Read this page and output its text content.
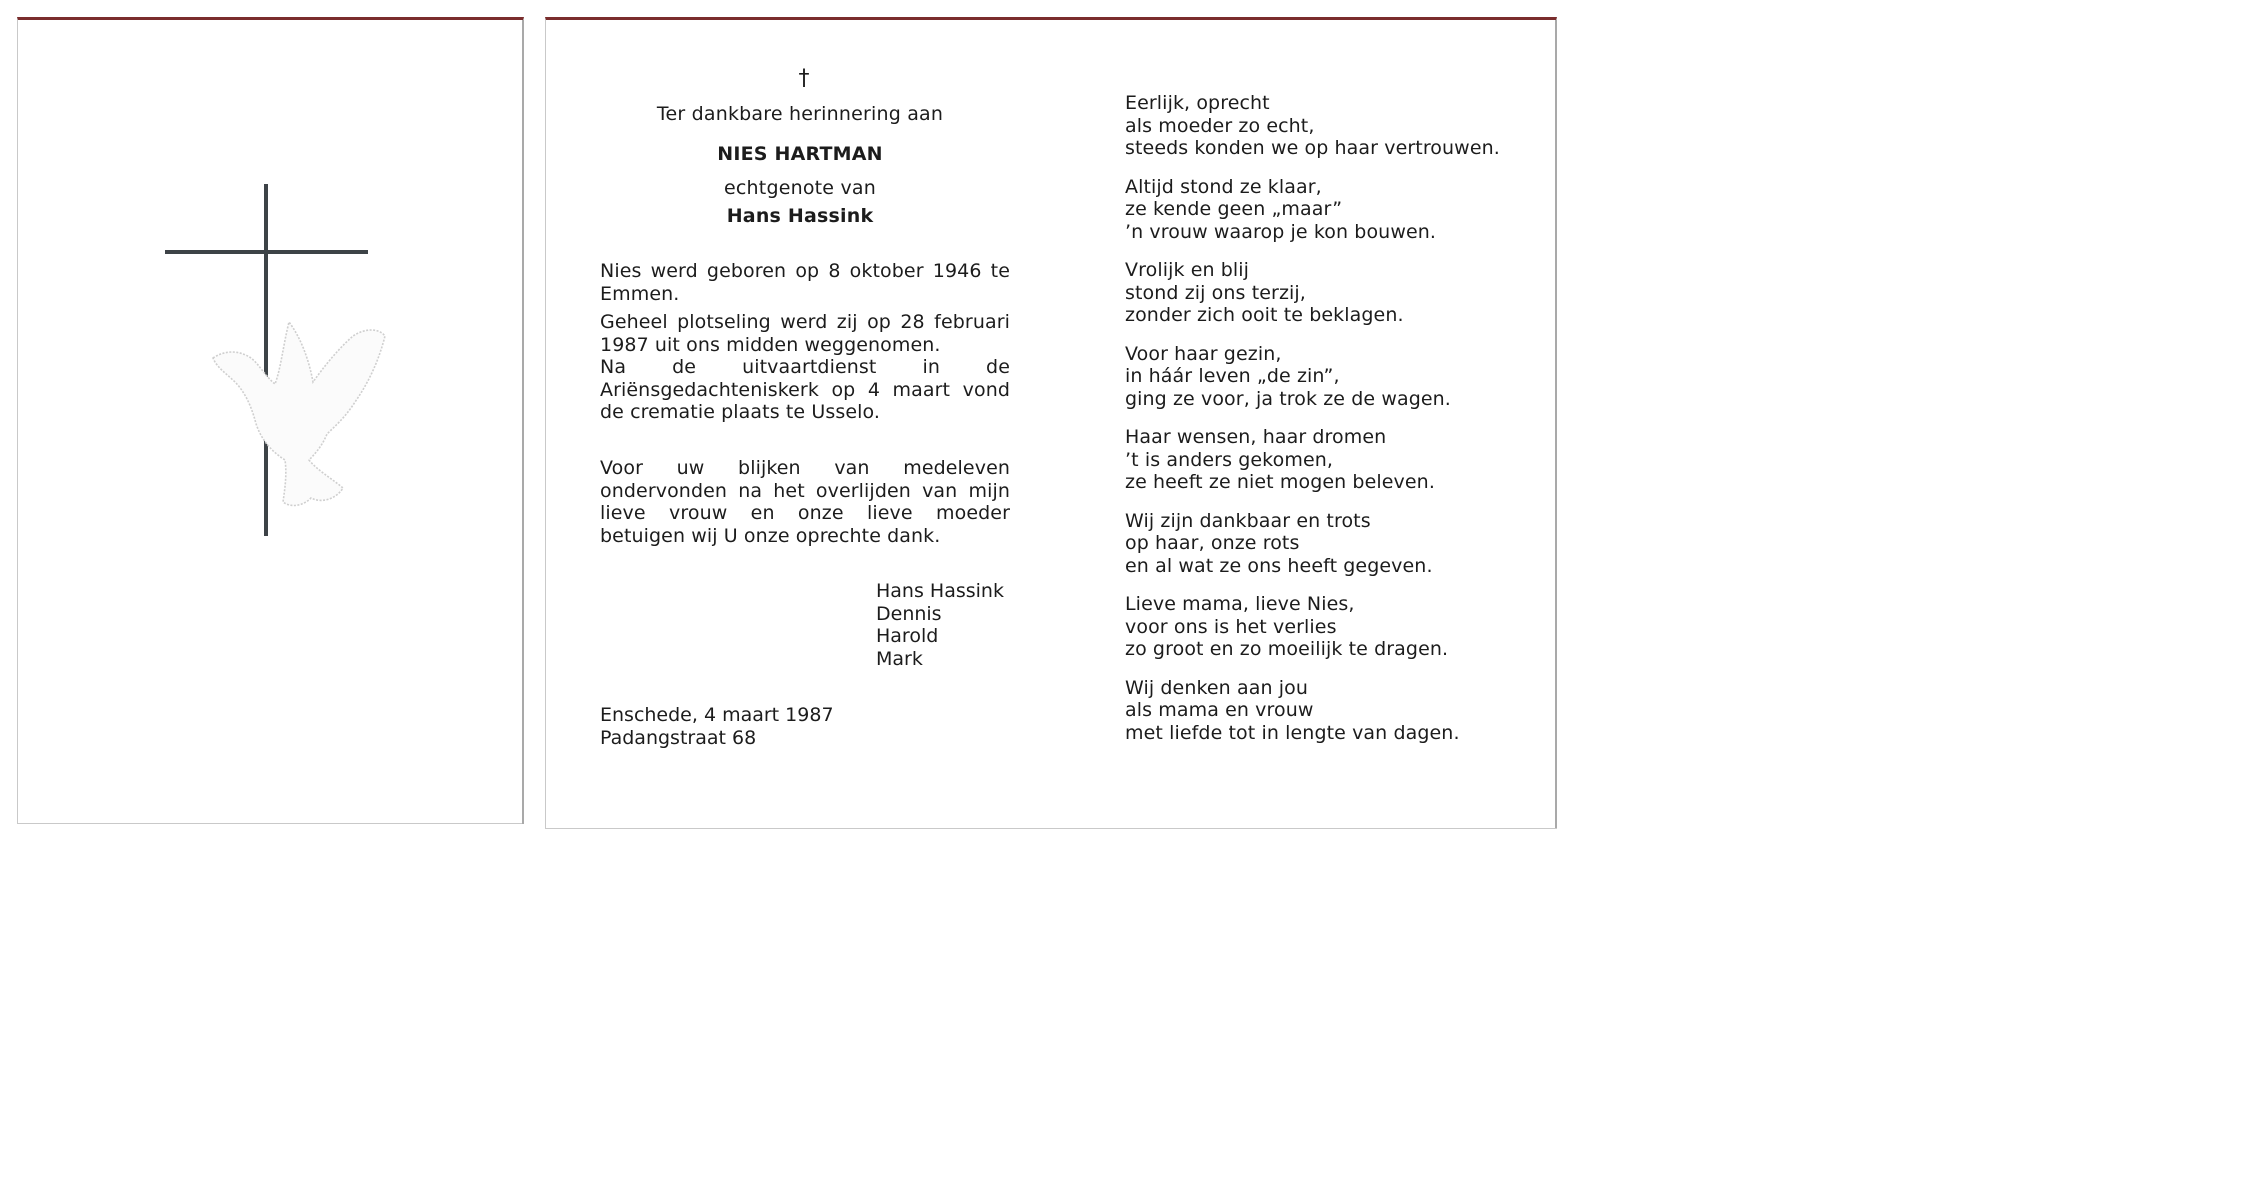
†
Ter dankbare herinnering aan
NIES HARTMAN
echtgenote van
Hans Hassink
Nies werd geboren op 8 oktober 1946 te Emmen.
Geheel plotseling werd zij op 28 februari 1987 uit ons midden weggenomen.
Na de uitvaartdienst in de Ariënsgedachteniskerk op 4 maart vond de crematie plaats te Usselo.
Voor uw blijken van medeleven ondervonden na het overlijden van mijn lieve vrouw en onze lieve moeder betuigen wij U onze oprechte dank.
Hans Hassink
Dennis
Harold
Mark
Enschede, 4 maart 1987
Padangstraat 68
Eerlijk, oprecht
als moeder zo echt,
steeds konden we op haar vertrouwen.
Altijd stond ze klaar,
ze kende geen „maar”
’n vrouw waarop je kon bouwen.
Vrolijk en blij
stond zij ons terzij,
zonder zich ooit te beklagen.
Voor haar gezin,
in háár leven „de zin”,
ging ze voor, ja trok ze de wagen.
Haar wensen, haar dromen
’t is anders gekomen,
ze heeft ze niet mogen beleven.
Wij zijn dankbaar en trots
op haar, onze rots
en al wat ze ons heeft gegeven.
Lieve mama, lieve Nies,
voor ons is het verlies
zo groot en zo moeilijk te dragen.
Wij denken aan jou
als mama en vrouw
met liefde tot in lengte van dagen.
